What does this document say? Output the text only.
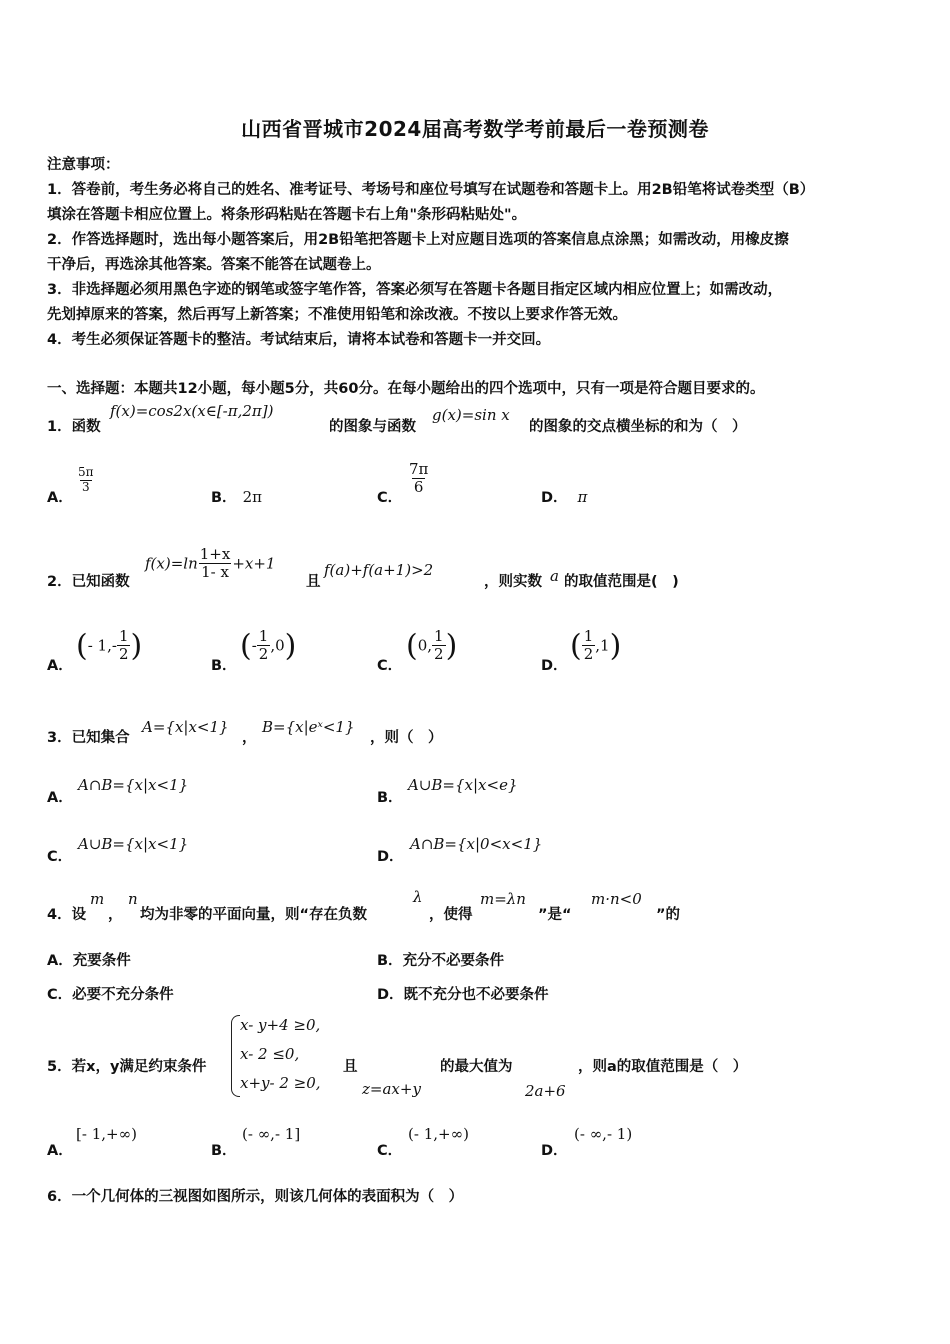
山西省晋城市2024届高考数学考前最后一卷预测卷
注意事项：
1．答卷前，考生务必将自己的姓名、准考证号、考场号和座位号填写在试题卷和答题卡上。用2B铅笔将试卷类型（B）
填涂在答题卡相应位置上。将条形码粘贴在答题卡右上角"条形码粘贴处"。
2．作答选择题时，选出每小题答案后，用2B铅笔把答题卡上对应题目选项的答案信息点涂黑；如需改动，用橡皮擦
干净后，再选涂其他答案。答案不能答在试题卷上。
3．非选择题必须用黑色字迹的钢笔或签字笔作答，答案必须写在答题卡各题目指定区域内相应位置上；如需改动，
先划掉原来的答案，然后再写上新答案；不准使用铅笔和涂改液。不按以上要求作答无效。
4．考生必须保证答题卡的整洁。考试结束后，请将本试卷和答题卡一并交回。
一、选择题：本题共12小题，每小题5分，共60分。在每小题给出的四个选项中，只有一项是符合题目要求的。
1．函数
f(x)=cos2x(x∈[-π,2π])
的图象与函数
g(x)=sin x
的图象的交点横坐标的和为（　）
A．
$\frac{5\pi}{3}$
B． 2π	C．
$\frac{7\pi}{6}$
D． π
2．已知函数
$f(x)=\ln \frac{1+x}{1- x} +x+1$
且
f(a)+f(a+1)>2
，则实数 a 的取值范围是(　)
A．
(- $1,- \frac{1}{2}$ )
B．
(- $\frac{1}{2} ,0$)
C．
(0, $\frac{1}{2}$ )
D．
( $\frac{1}{2} ,1$)
3．已知集合
A={x|x<1}
，
B={x|eˣ<1}
，则（　）
A．
A∩B={x|x<1}
B．
A∪B={x|x<e}
C．
A∪B={x|x<1}
D．
A∩B={x|0<x<1}
4．设
m
，
n
均为非零的平面向量，则“存在负数
λ
，使得
m=λn
”是“
m·n<0
”的
A．充要条件	B．充分不必要条件
C．必要不充分条件	D．既不充分也不必要条件
5．若x，y满足约束条件
x- y+4 ≥0,
x- 2 ≤0,
x+y- 2 ≥0,
且
z=ax+y
的最大值为
2a+6
，则a的取值范围是（　）
A．
[- 1,+∞)
B．
(- ∞,- 1]
C．
(- 1,+∞)
D．
(- ∞,- 1)
6．一个几何体的三视图如图所示，则该几何体的表面积为（　）
